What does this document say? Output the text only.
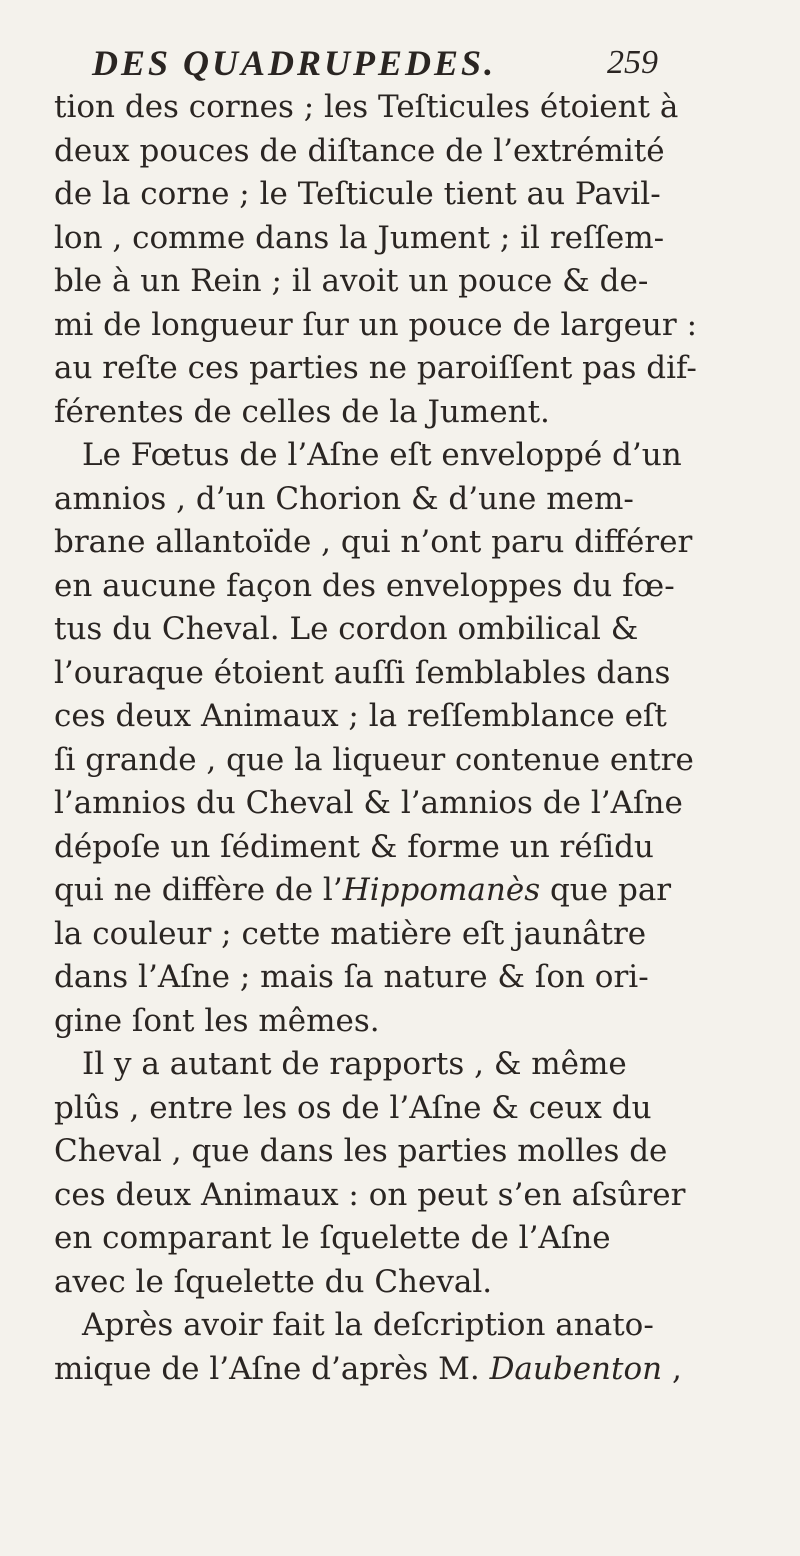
DES QUADRUPEDES.	259
tion des cornes ; les Teſticules étoient à
deux pouces de diſtance de l’extrémité
de la corne ; le Teſticule tient au Pavil-
lon , comme dans la Jument ; il reſſem-
ble à un Rein ; il avoit un pouce & de-
mi de longueur ſur un pouce de largeur :
au reſte ces parties ne paroiſſent pas dif-
férentes de celles de la Jument.
Le Fœtus de l’Aſne eſt enveloppé d’un
amnios , d’un Chorion & d’une mem-
brane allantoïde , qui n’ont paru différer
en aucune façon des enveloppes du fœ-
tus du Cheval. Le cordon ombilical &
l’ouraque étoient auſſi ſemblables dans
ces deux Animaux ; la reſſemblance eſt
ſi grande , que la liqueur contenue entre
l’amnios du Cheval & l’amnios de l’Aſne
dépoſe un ſédiment & forme un réſidu
qui ne diffère de l’Hippomanès que par
la couleur ; cette matière eſt jaunâtre
dans l’Aſne ; mais ſa nature & ſon ori-
gine ſont les mêmes.
Il y a autant de rapports , & même
plûs , entre les os de l’Aſne & ceux du
Cheval , que dans les parties molles de
ces deux Animaux : on peut s’en aſsûrer
en comparant le ſquelette de l’Aſne
avec le ſquelette du Cheval.
Après avoir fait la deſcription anato-
mique de l’Aſne d’après M. Daubenton ,
